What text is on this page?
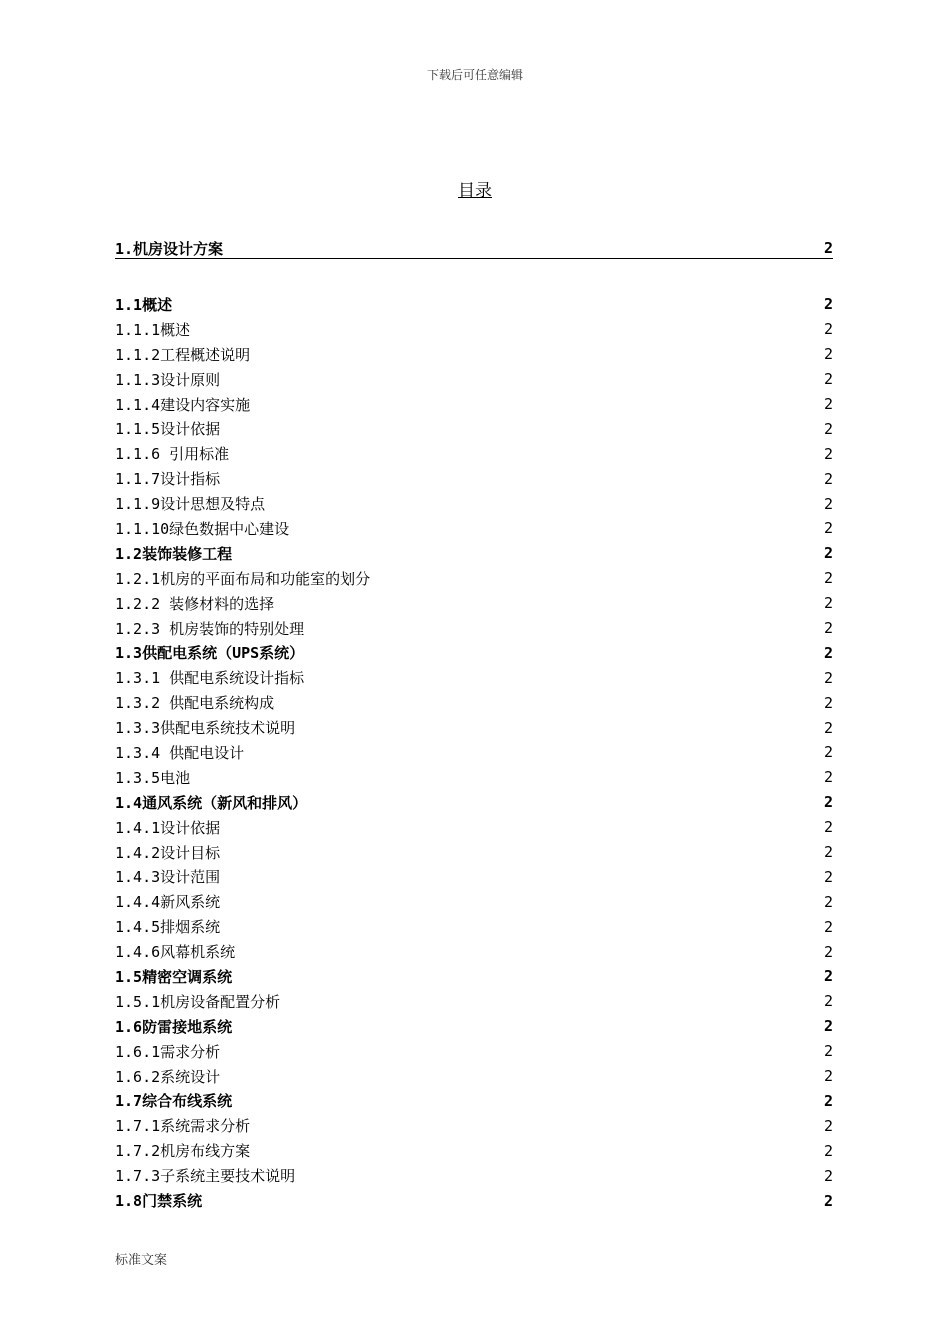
下载后可任意编辑
目录
1.机房设计方案	2
1.1概述	2
1.1.1概述	2
1.1.2工程概述说明	2
1.1.3设计原则	2
1.1.4建设内容实施	2
1.1.5设计依据	2
1.1.6 引用标准	2
1.1.7设计指标	2
1.1.9设计思想及特点	2
1.1.10绿色数据中心建设	2
1.2装饰装修工程	2
1.2.1机房的平面布局和功能室的划分	2
1.2.2 装修材料的选择	2
1.2.3 机房装饰的特别处理	2
1.3供配电系统（UPS系统）	2
1.3.1 供配电系统设计指标	2
1.3.2 供配电系统构成	2
1.3.3供配电系统技术说明	2
1.3.4 供配电设计	2
1.3.5电池	2
1.4通风系统（新风和排风）	2
1.4.1设计依据	2
1.4.2设计目标	2
1.4.3设计范围	2
1.4.4新风系统	2
1.4.5排烟系统	2
1.4.6风幕机系统	2
1.5精密空调系统	2
1.5.1机房设备配置分析	2
1.6防雷接地系统	2
1.6.1需求分析	2
1.6.2系统设计	2
1.7综合布线系统	2
1.7.1系统需求分析	2
1.7.2机房布线方案	2
1.7.3子系统主要技术说明	2
1.8门禁系统	2
标准文案
